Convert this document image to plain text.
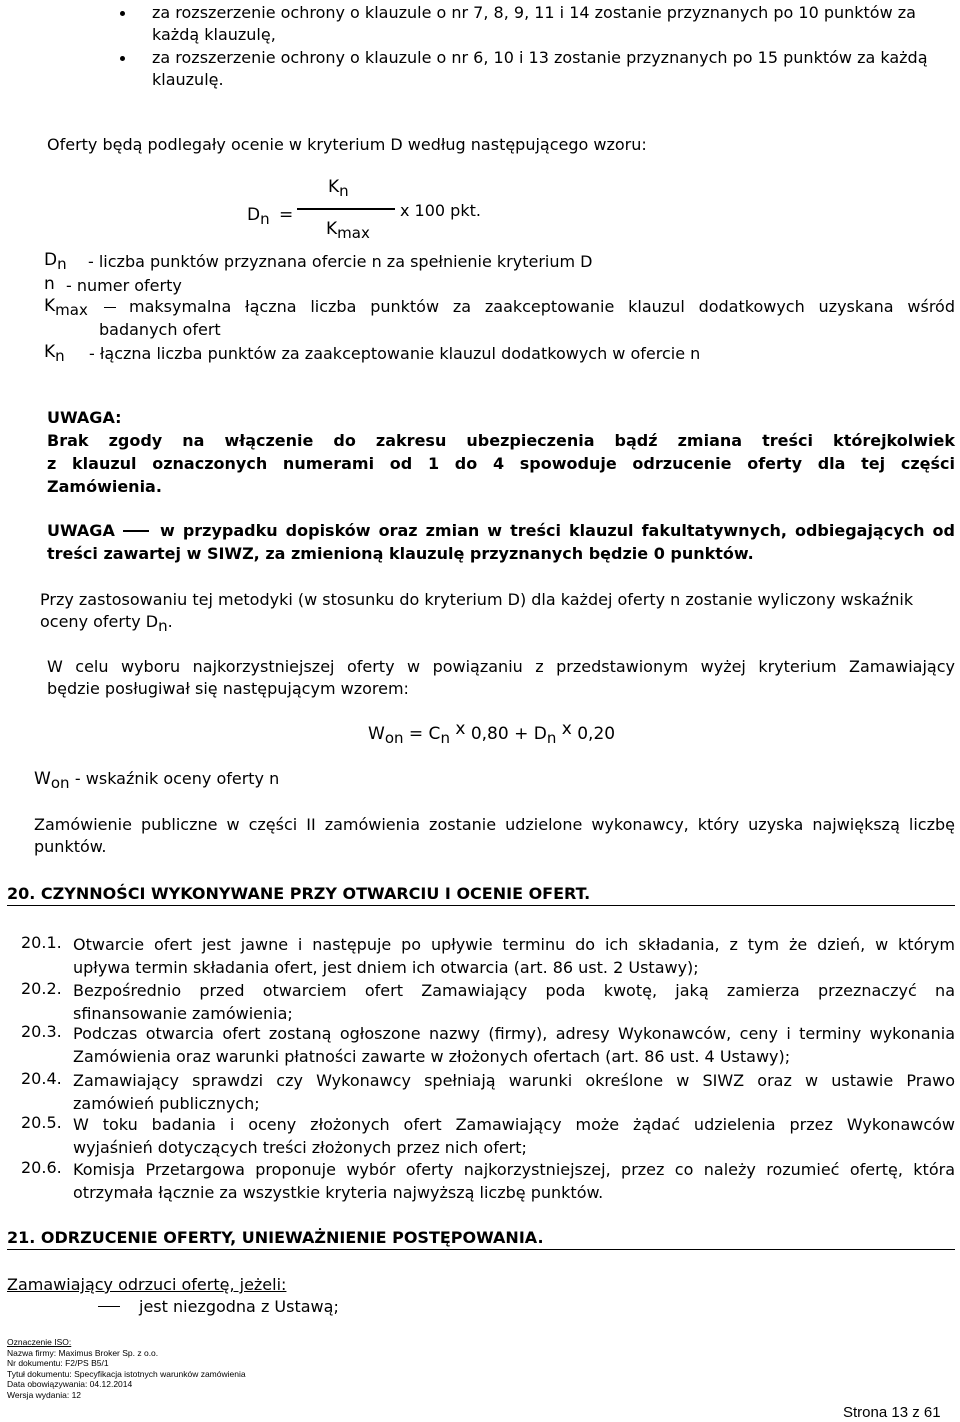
za rozszerzenie ochrony o klauzule o nr 7, 8, 9, 11 i 14 zostanie przyznanych po 10 punktów za
każdą klauzulę,
za rozszerzenie ochrony o klauzule o nr 6, 10 i 13 zostanie przyznanych po 15 punktów za każdą
klauzulę.
Oferty będą podlegały ocenie w kryterium D według następującego wzoru:
Dn =
Kn
x 100 pkt.
Kmax
Dn - liczba punktów przyznana ofercie n za spełnienie kryterium D
n - numer oferty
Kmax	maksymalna łączna liczba punktów za zaakceptowanie klauzul dodatkowych uzyskana wśród
badanych ofert
Kn - łączna liczba punktów za zaakceptowanie klauzul dodatkowych w ofercie n
UWAGA:
Brak zgody na włączenie do zakresu ubezpieczenia bądź zmiana treści którejkolwiek
z klauzul oznaczonych numerami od 1 do 4 spowoduje odrzucenie oferty dla tej części
Zamówienia.
UWAGA	w przypadku dopisków oraz zmian w treści klauzul fakultatywnych, odbiegających od
treści zawartej w SIWZ, za zmienioną klauzulę przyznanych będzie 0 punktów.
Przy zastosowaniu tej metodyki (w stosunku do kryterium D) dla każdej oferty n zostanie wyliczony wskaźnik
oceny oferty Dn.
W celu wyboru najkorzystniejszej oferty w powiązaniu z przedstawionym wyżej kryterium Zamawiający
będzie posługiwał się następującym wzorem:
Won = Cn x 0,80 + Dn x 0,20
Won - wskaźnik oceny oferty n
Zamówienie publiczne w części II zamówienia zostanie udzielone wykonawcy, który uzyska największą liczbę
punktów.
20. CZYNNOŚCI WYKONYWANE PRZY OTWARCIU I OCENIE OFERT.
20.1. Otwarcie ofert jest jawne i następuje po upływie terminu do ich składania, z tym że dzień, w którym
upływa termin składania ofert, jest dniem ich otwarcia (art. 86 ust. 2 Ustawy);
20.2. Bezpośrednio przed otwarciem ofert Zamawiający poda kwotę, jaką zamierza przeznaczyć na
sfinansowanie zamówienia;
20.3. Podczas otwarcia ofert zostaną ogłoszone nazwy (firmy), adresy Wykonawców, ceny i terminy wykonania
Zamówienia oraz warunki płatności zawarte w złożonych ofertach (art. 86 ust. 4 Ustawy);
20.4. Zamawiający sprawdzi czy Wykonawcy spełniają warunki określone w SIWZ oraz w ustawie Prawo
zamówień publicznych;
20.5. W toku badania i oceny złożonych ofert Zamawiający może żądać udzielenia przez Wykonawców
wyjaśnień dotyczących treści złożonych przez nich ofert;
20.6. Komisja Przetargowa proponuje wybór oferty najkorzystniejszej, przez co należy rozumieć ofertę, która
otrzymała łącznie za wszystkie kryteria najwyższą liczbę punktów.
21. ODRZUCENIE OFERTY, UNIEWAŻNIENIE POSTĘPOWANIA.
Zamawiający odrzuci ofertę, jeżeli:
jest niezgodna z Ustawą;
Oznaczenie ISO:
Nazwa firmy: Maximus Broker Sp. z o.o.
Nr dokumentu: F2/PS B5/1
Tytuł dokumentu: Specyfikacja istotnych warunków zamówienia
Data obowiązywania: 04.12.2014
Wersja wydania: 12
Strona 13 z 61
